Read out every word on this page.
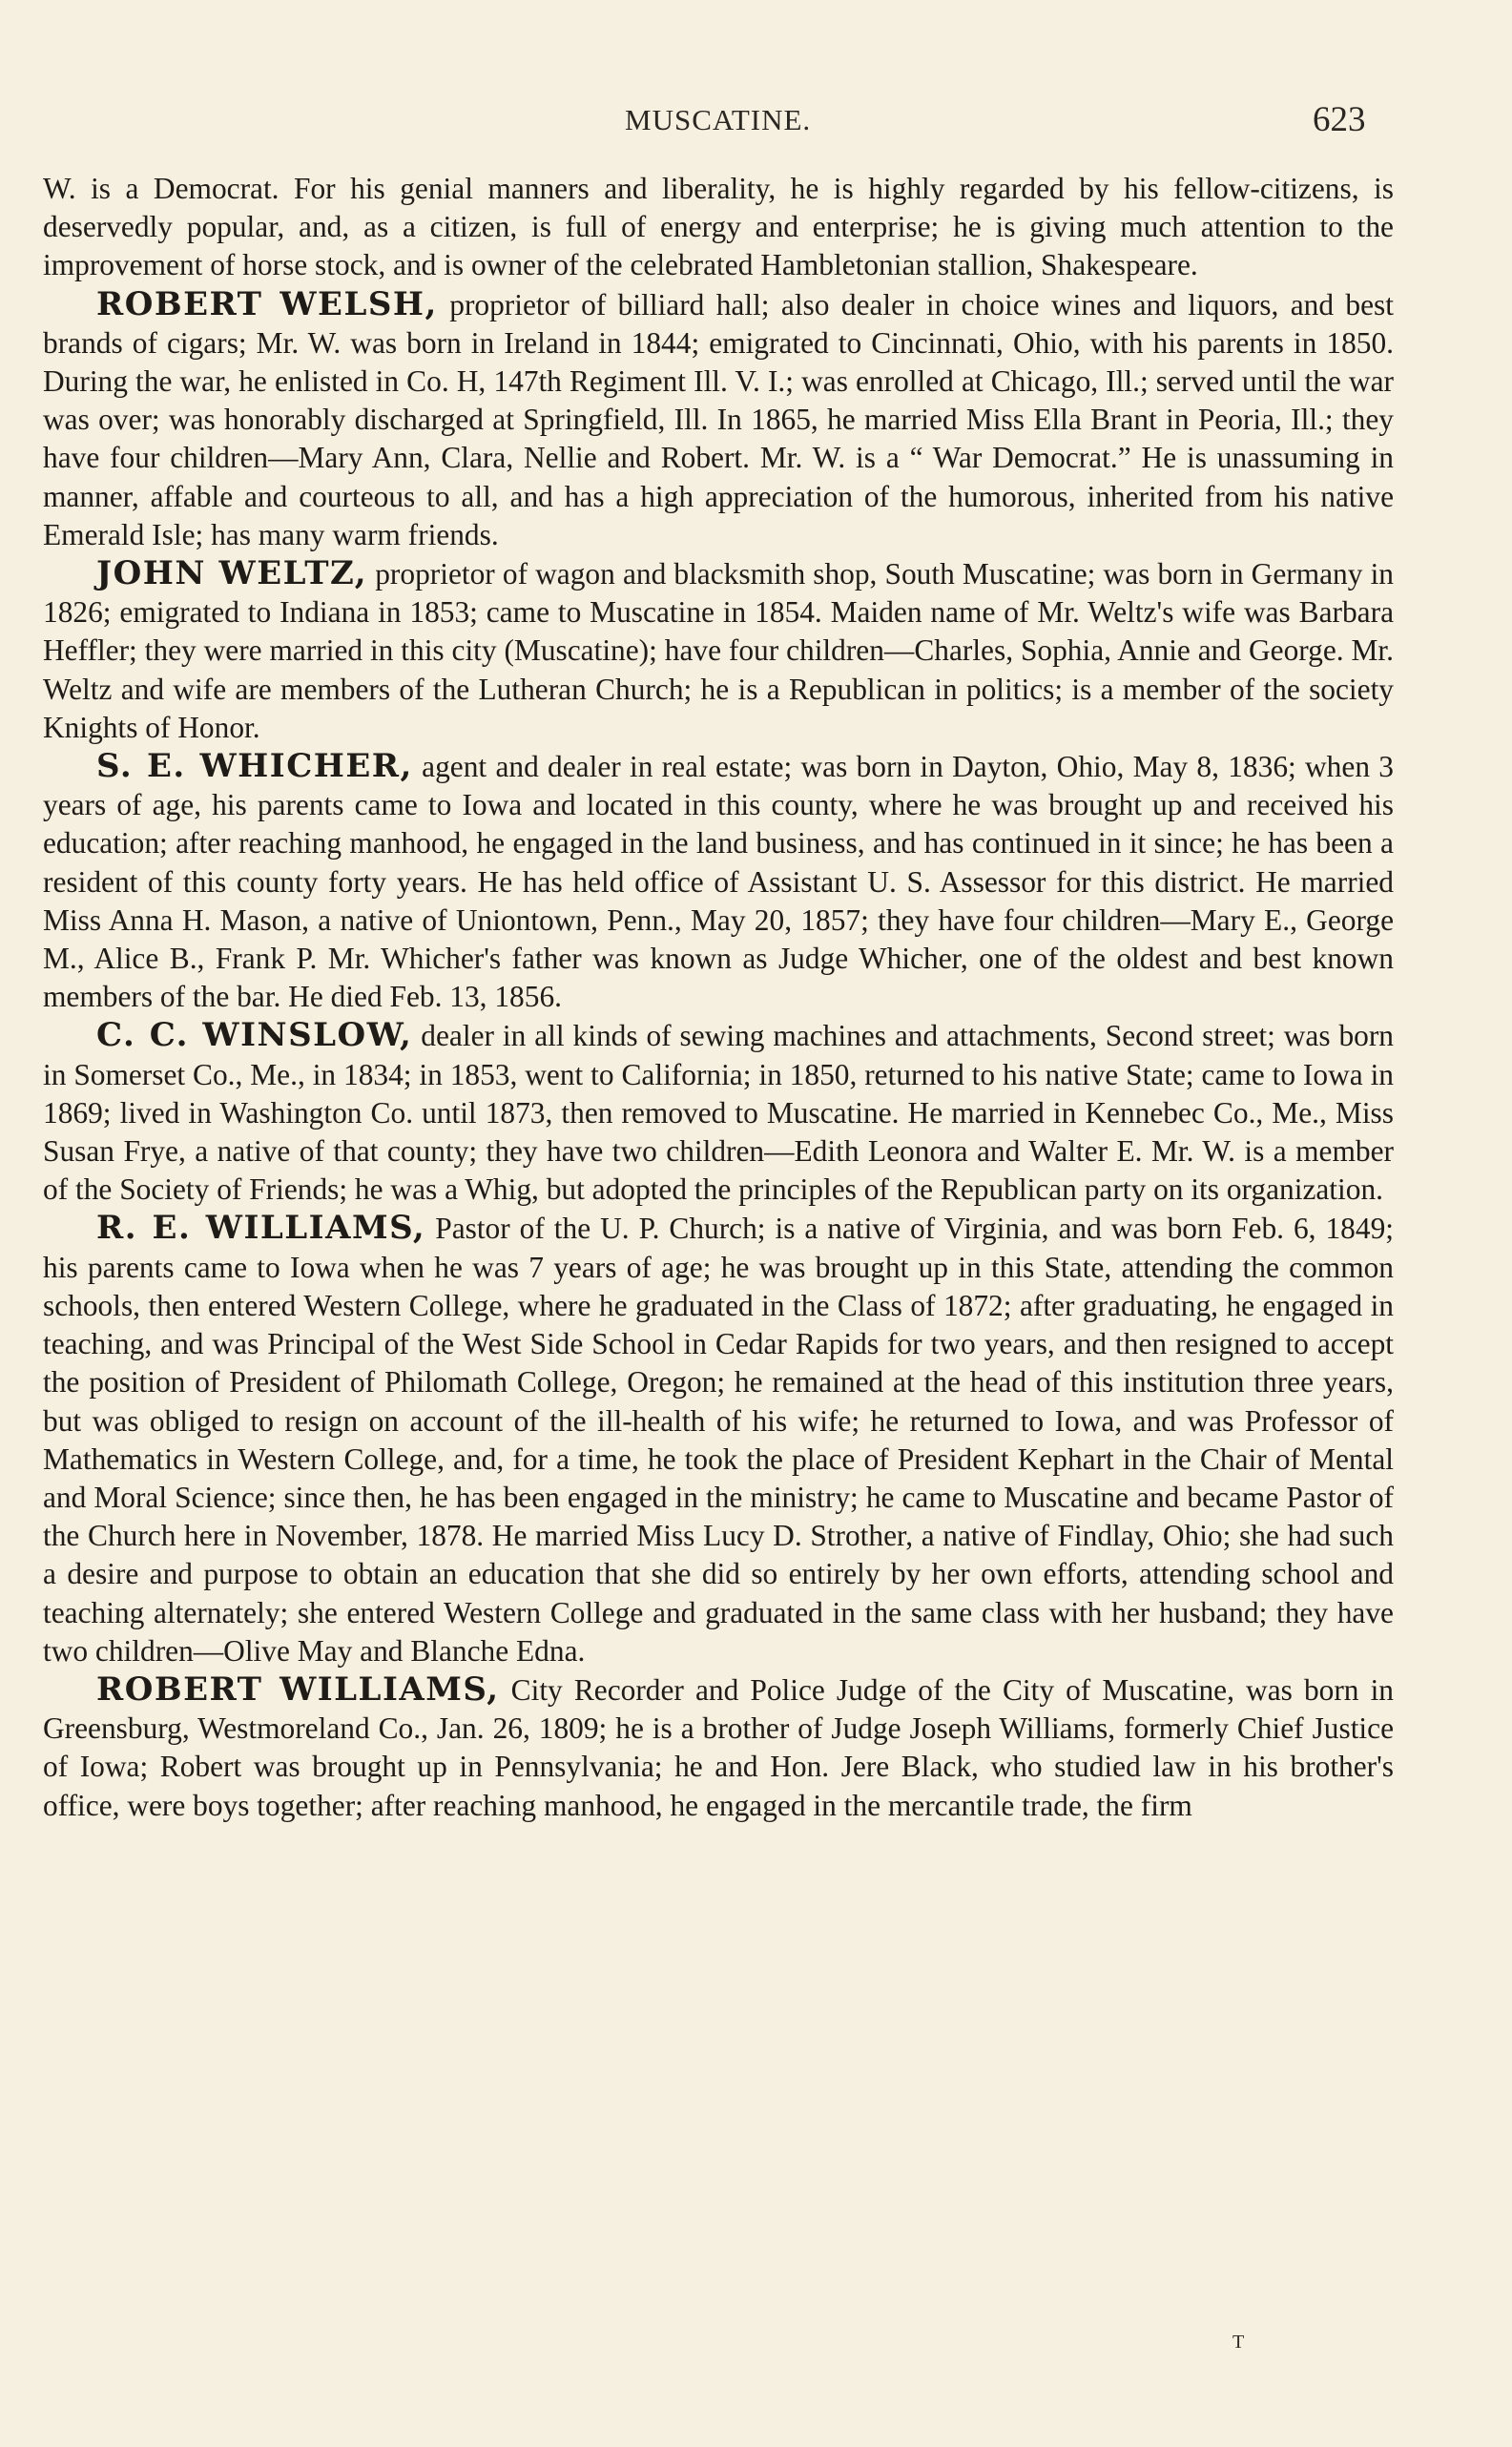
MUSCATINE.	623

W. is a Democrat. For his genial manners and liberality, he is highly regarded by his fellow-citizens, is deservedly popular, and, as a citizen, is full of energy and enterprise; he is giving much attention to the improvement of horse stock, and is owner of the celebrated Hambletonian stallion, Shakespeare.

ROBERT WELSH, proprietor of billiard hall; also dealer in choice wines and liquors, and best brands of cigars; Mr. W. was born in Ireland in 1844; emigrated to Cincinnati, Ohio, with his parents in 1850. During the war, he enlisted in Co. H, 147th Regiment Ill. V. I.; was enrolled at Chicago, Ill.; served until the war was over; was honorably discharged at Springfield, Ill. In 1865, he married Miss Ella Brant in Peoria, Ill.; they have four children—Mary Ann, Clara, Nellie and Robert. Mr. W. is a “ War Democrat.” He is unassuming in manner, affable and courteous to all, and has a high appreciation of the humorous, inherited from his native Emerald Isle; has many warm friends.

JOHN WELTZ, proprietor of wagon and blacksmith shop, South Muscatine; was born in Germany in 1826; emigrated to Indiana in 1853; came to Muscatine in 1854. Maiden name of Mr. Weltz's wife was Barbara Heffler; they were married in this city (Muscatine); have four children—Charles, Sophia, Annie and George. Mr. Weltz and wife are members of the Lutheran Church; he is a Republican in politics; is a member of the society Knights of Honor.

S. E. WHICHER, agent and dealer in real estate; was born in Dayton, Ohio, May 8, 1836; when 3 years of age, his parents came to Iowa and located in this county, where he was brought up and received his education; after reaching manhood, he engaged in the land business, and has continued in it since; he has been a resident of this county forty years. He has held office of Assistant U. S. Assessor for this district. He married Miss Anna H. Mason, a native of Uniontown, Penn., May 20, 1857; they have four children—Mary E., George M., Alice B., Frank P. Mr. Whicher's father was known as Judge Whicher, one of the oldest and best known members of the bar. He died Feb. 13, 1856.

C. C. WINSLOW, dealer in all kinds of sewing machines and attachments, Second street; was born in Somerset Co., Me., in 1834; in 1853, went to California; in 1850, returned to his native State; came to Iowa in 1869; lived in Washington Co. until 1873, then removed to Muscatine. He married in Kennebec Co., Me., Miss Susan Frye, a native of that county; they have two children—Edith Leonora and Walter E. Mr. W. is a member of the Society of Friends; he was a Whig, but adopted the principles of the Republican party on its organization.

R. E. WILLIAMS, Pastor of the U. P. Church; is a native of Virginia, and was born Feb. 6, 1849; his parents came to Iowa when he was 7 years of age; he was brought up in this State, attending the common schools, then entered Western College, where he graduated in the Class of 1872; after graduating, he engaged in teaching, and was Principal of the West Side School in Cedar Rapids for two years, and then resigned to accept the position of President of Philomath College, Oregon; he remained at the head of this institution three years, but was obliged to resign on account of the ill-health of his wife; he returned to Iowa, and was Professor of Mathematics in Western College, and, for a time, he took the place of President Kephart in the Chair of Mental and Moral Science; since then, he has been engaged in the ministry; he came to Muscatine and became Pastor of the Church here in November, 1878. He married Miss Lucy D. Strother, a native of Findlay, Ohio; she had such a desire and purpose to obtain an education that she did so entirely by her own efforts, attending school and teaching alternately; she entered Western College and graduated in the same class with her husband; they have two children—Olive May and Blanche Edna.

ROBERT WILLIAMS, City Recorder and Police Judge of the City of Muscatine, was born in Greensburg, Westmoreland Co., Jan. 26, 1809; he is a brother of Judge Joseph Williams, formerly Chief Justice of Iowa; Robert was brought up in Pennsylvania; he and Hon. Jere Black, who studied law in his brother's office, were boys together; after reaching manhood, he engaged in the mercantile trade, the firm

T
